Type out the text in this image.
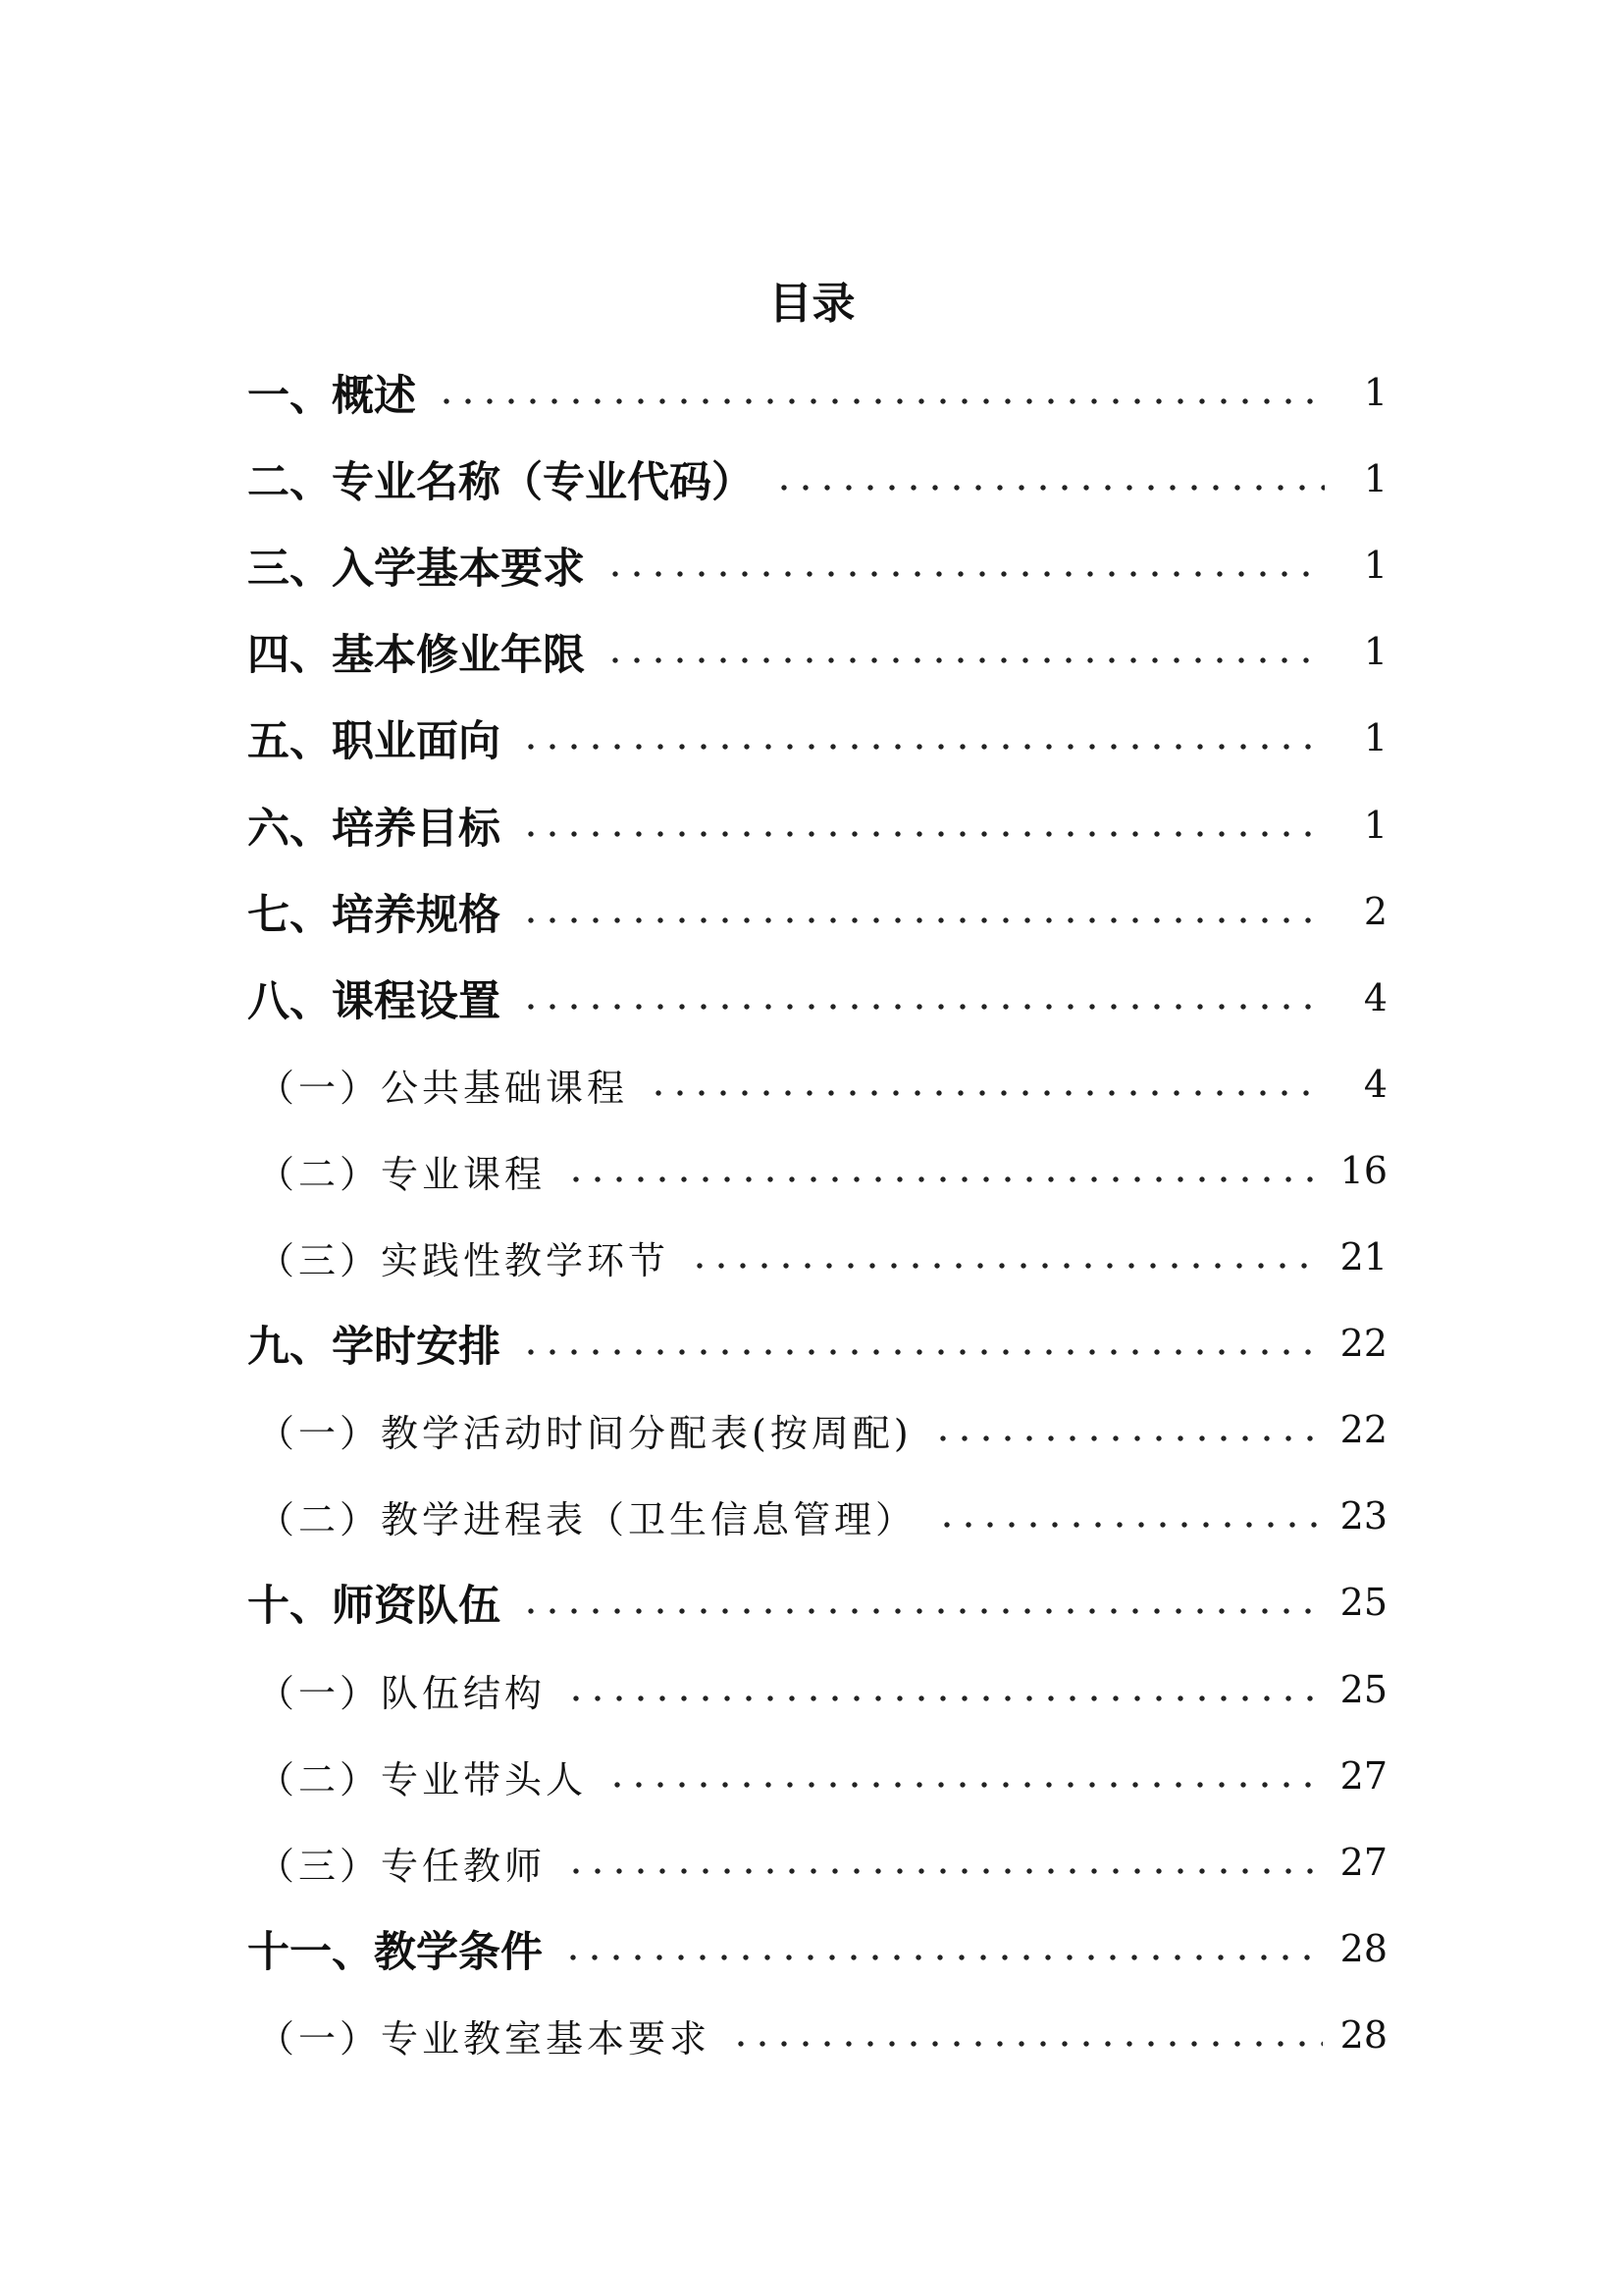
目录
一、概述	1
二、专业名称（专业代码）	1
三、入学基本要求	1
四、基本修业年限	1
五、职业面向	1
六、培养目标	1
七、培养规格	2
八、课程设置	4
（一）公共基础课程	4
（二）专业课程	16
（三）实践性教学环节	21
九、学时安排	22
（一）教学活动时间分配表(按周配)	22
（二）教学进程表（卫生信息管理）	23
十、师资队伍	25
（一）队伍结构	25
（二）专业带头人	27
（三）专任教师	27
十一、教学条件	28
（一）专业教室基本要求	28
